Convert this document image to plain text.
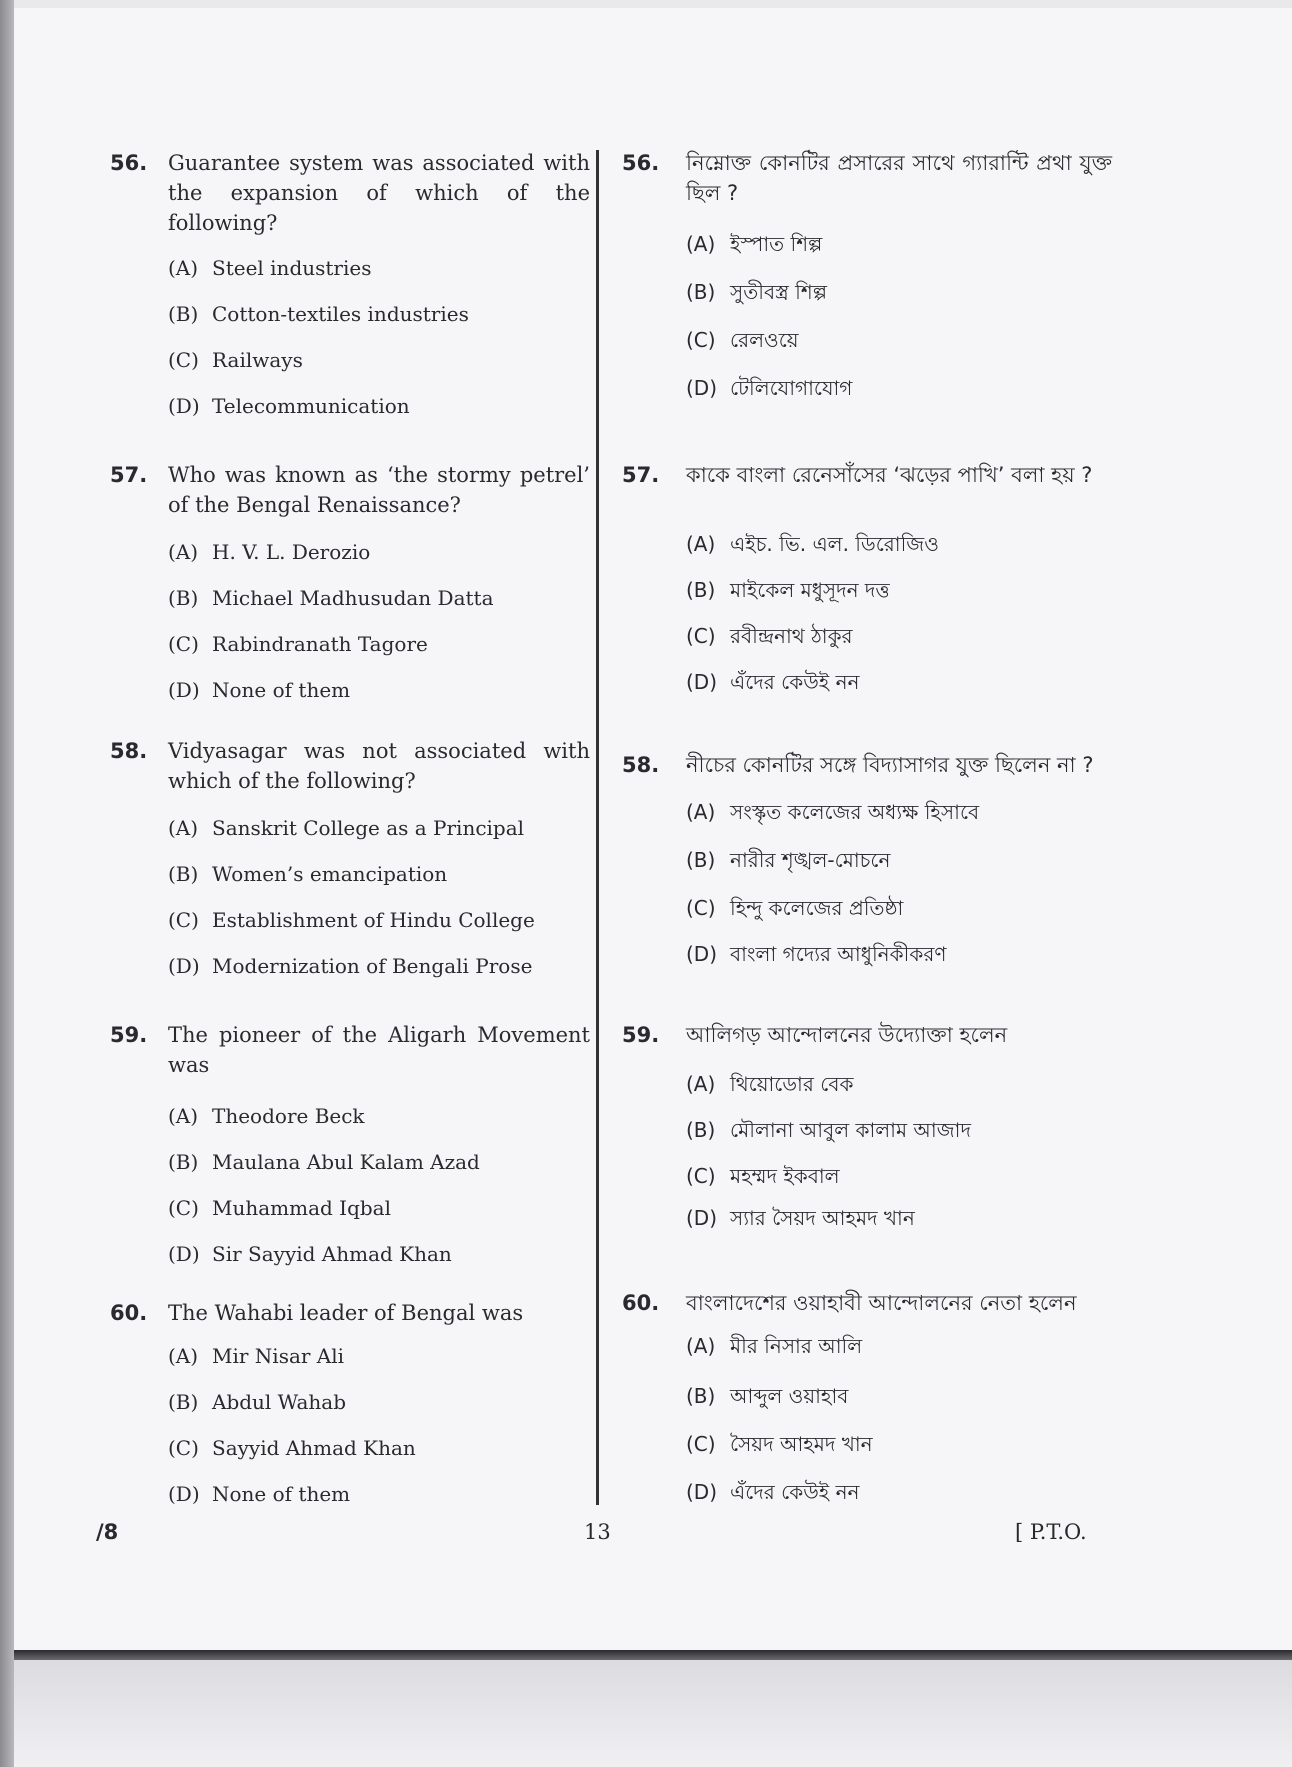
56. Guarantee system was associated with the expansion of which of the following?
(A) Steel industries
(B) Cotton-textiles industries
(C) Railways
(D) Telecommunication
57. Who was known as ‘the stormy petrel’ of the Bengal Renaissance?
(A) H. V. L. Derozio
(B) Michael Madhusudan Datta
(C) Rabindranath Tagore
(D) None of them
58. Vidyasagar was not associated with which of the following?
(A) Sanskrit College as a Principal
(B) Women’s emancipation
(C) Establishment of Hindu College
(D) Modernization of Bengali Prose
59. The pioneer of the Aligarh Movement was
(A) Theodore Beck
(B) Maulana Abul Kalam Azad
(C) Muhammad Iqbal
(D) Sir Sayyid Ahmad Khan
60. The Wahabi leader of Bengal was
(A) Mir Nisar Ali
(B) Abdul Wahab
(C) Sayyid Ahmad Khan
(D) None of them
56.	নিম্নোক্ত কোনটির প্রসারের সাথে গ্যারান্টি প্রথা যুক্ত ছিল ?
(A) ইস্পাত শিল্প
(B) সুতীবস্ত্র শিল্প
(C) রেলওয়ে
(D) টেলিযোগাযোগ
57.	কাকে বাংলা রেনেসাঁসের ‘ঝড়ের পাখি’ বলা হয় ?
(A) এইচ. ভি. এল. ডিরোজিও
(B) মাইকেল মধুসূদন দত্ত
(C) রবীন্দ্রনাথ ঠাকুর
(D) এঁদের কেউই নন
58.	নীচের কোনটির সঙ্গে বিদ্যাসাগর যুক্ত ছিলেন না ?
(A) সংস্কৃত কলেজের অধ্যক্ষ হিসাবে
(B) নারীর শৃঙ্খল-মোচনে
(C) হিন্দু কলেজের প্রতিষ্ঠা
(D) বাংলা গদ্যের আধুনিকীকরণ
59.	আলিগড় আন্দোলনের উদ্যোক্তা হলেন
(A) থিয়োডোর বেক
(B) মৌলানা আবুল কালাম আজাদ
(C) মহম্মদ ইকবাল
(D) স্যার সৈয়দ আহমদ খান
60.	বাংলাদেশের ওয়াহাবী আন্দোলনের নেতা হলেন
(A) মীর নিসার আলি
(B) আব্দুল ওয়াহাব
(C) সৈয়দ আহমদ খান
(D) এঁদের কেউই নন
/8	13	[ P.T.O.
